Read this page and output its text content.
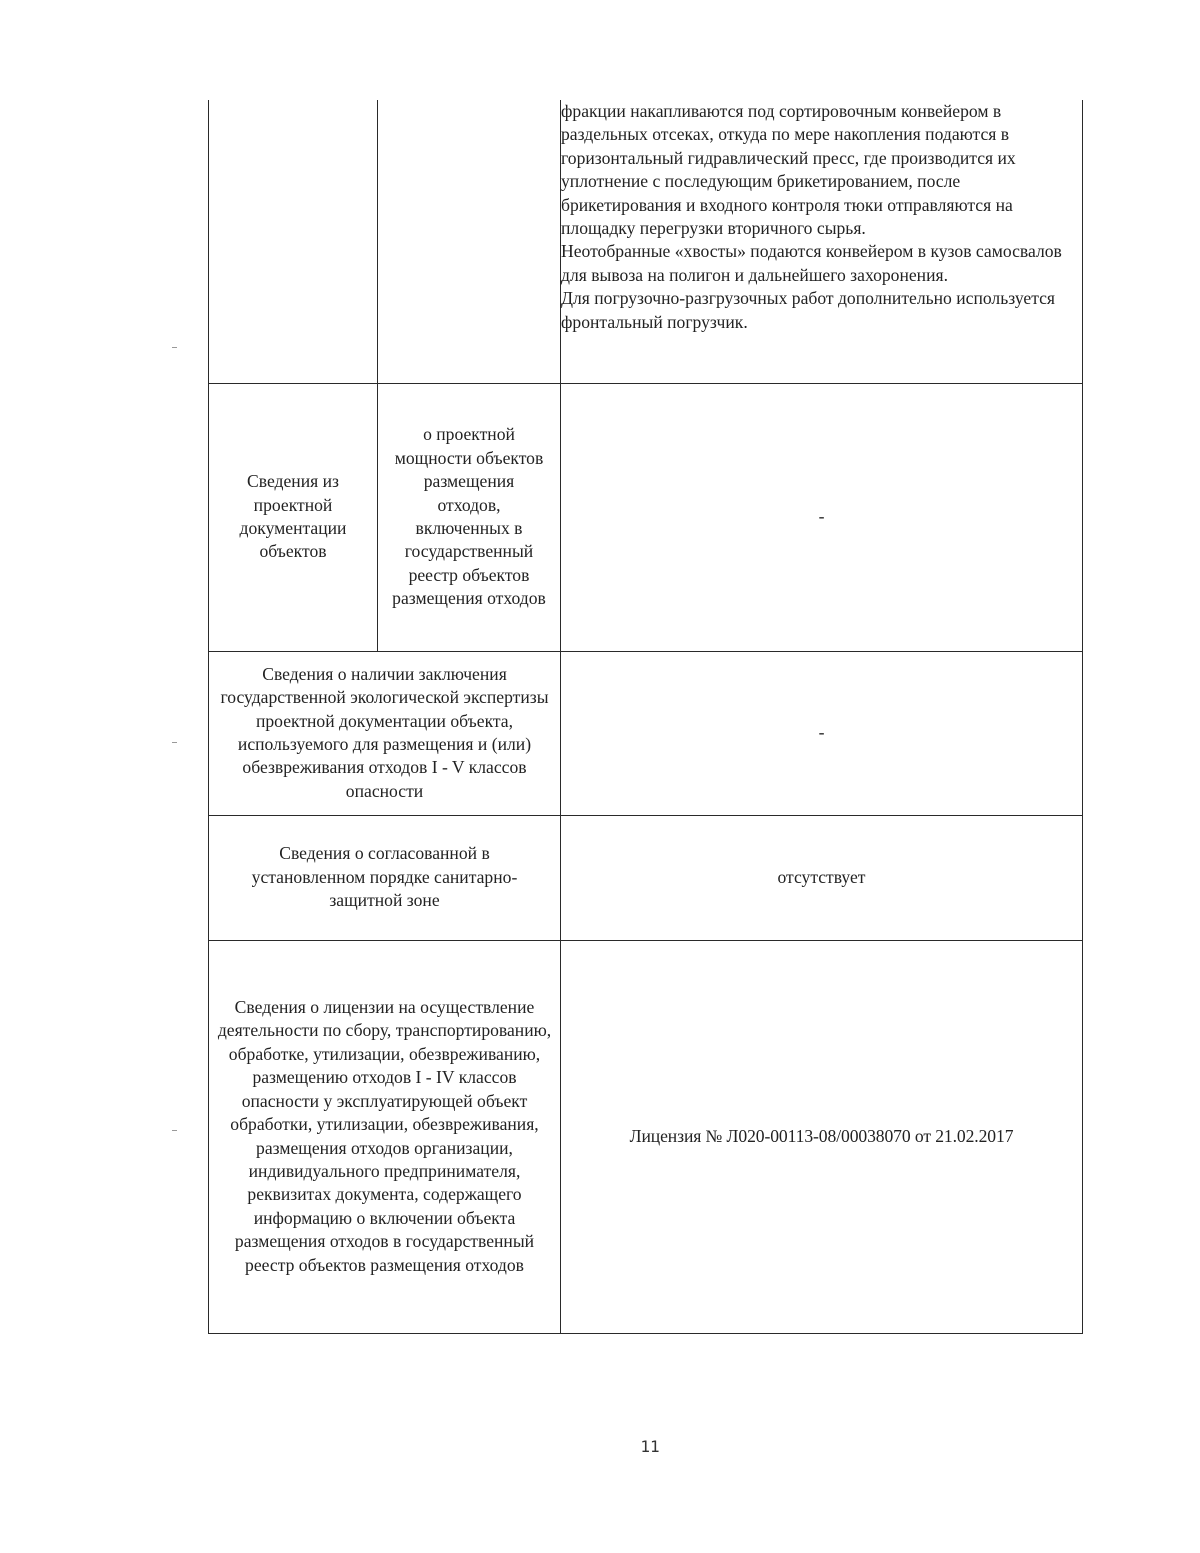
		фракции накапливаются под сортировочным конвейером в раздельных отсеках, откуда по мере накопления подаются в горизонтальный гидравлический пресс, где производится их уплотнение с последующим брикетированием, после брикетирования и входного контроля тюки отправляются на площадку перегрузки вторичного сырья.

Неотобранные «хвосты» подаются конвейером в кузов самосвалов для вывоза на полигон и дальнейшего захоронения.

Для погрузочно-разгрузочных работ дополнительно используется фронтальный погрузчик.

Сведения из проектной документации объектов	о проектной мощности объектов размещения отходов, включенных в государственный реестр объектов размещения отходов	-
Сведения о наличии заключения государственной экологической экспертизы проектной документации объекта, используемого для размещения и (или) обезвреживания отходов I - V классов опасности		-
Сведения о согласованной в установленном порядке санитарно-защитной зоне		отсутствует
Сведения о лицензии на осуществление деятельности по сбору, транспортированию, обработке, утилизации, обезвреживанию, размещению отходов I - IV классов опасности у эксплуатирующей объект обработки, утилизации, обезвреживания, размещения отходов организации, индивидуального предпринимателя, реквизитах документа, содержащего информацию о включении объекта размещения отходов в государственный реестр объектов размещения отходов		Лицензия № Л020-00113-08/00038070 от 21.02.2017
11
